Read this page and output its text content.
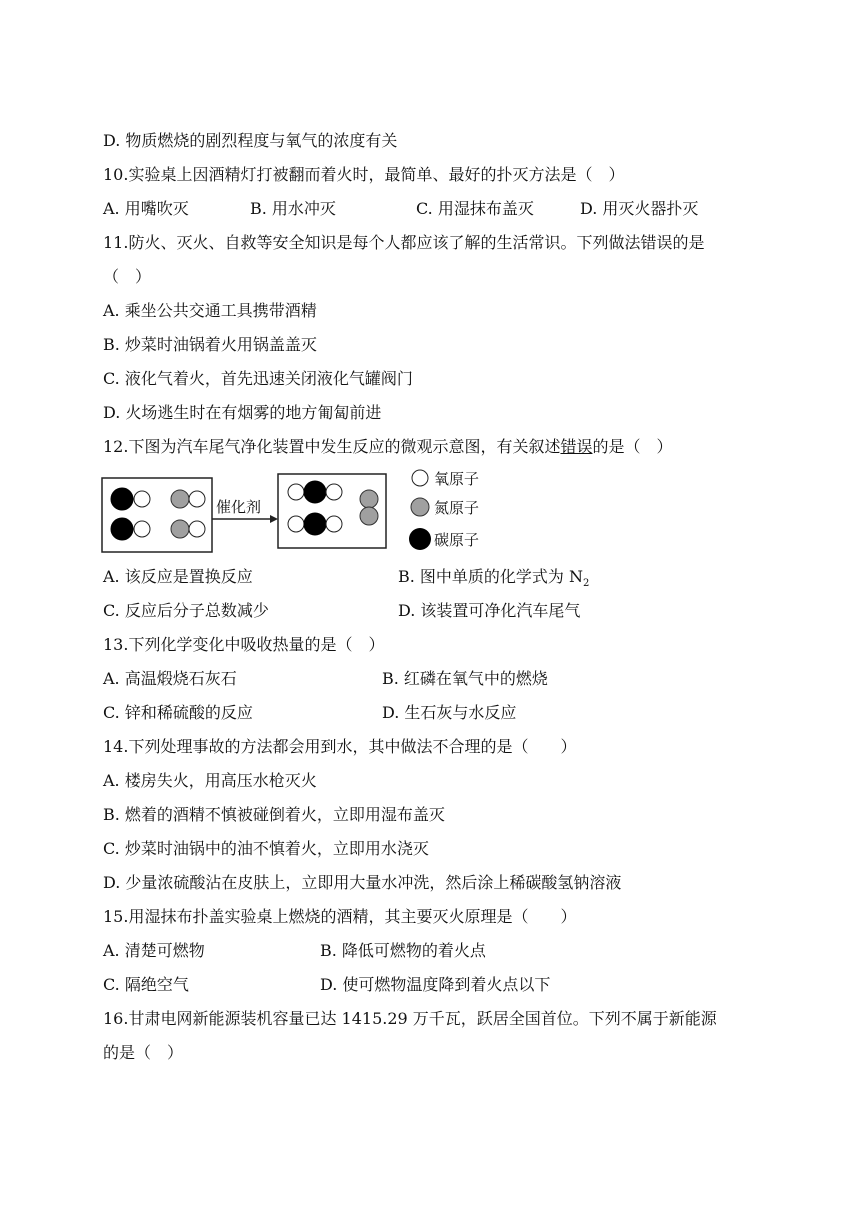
D. 物质燃烧的剧烈程度与氧气的浓度有关
10.实验桌上因酒精灯打被翻而着火时，最简单、最好的扑灭方法是（　）
A. 用嘴吹灭	B. 用水冲灭	C. 用湿抹布盖灭	D. 用灭火器扑灭
11.防火、灭火、自救等安全知识是每个人都应该了解的生活常识。下列做法错误的是
（　）
A. 乘坐公共交通工具携带酒精
B. 炒菜时油锅着火用锅盖盖灭
C. 液化气着火，首先迅速关闭液化气罐阀门
D. 火场逃生时在有烟雾的地方匍匐前进
12.下图为汽车尾气净化装置中发生反应的微观示意图，有关叙述错误的是（　）
催化剂
氧原子
氮原子
碳原子
A. 该反应是置换反应	B. 图中单质的化学式为 $N_2$
C. 反应后分子总数减少	D. 该装置可净化汽车尾气
13.下列化学变化中吸收热量的是（　）
A. 高温煅烧石灰石	B. 红磷在氧气中的燃烧
C. 锌和稀硫酸的反应	D. 生石灰与水反应
14.下列处理事故的方法都会用到水，其中做法不合理的是（　　）
A. 楼房失火，用高压水枪灭火
B. 燃着的酒精不慎被碰倒着火，立即用湿布盖灭
C. 炒菜时油锅中的油不慎着火，立即用水浇灭
D. 少量浓硫酸沾在皮肤上，立即用大量水冲洗，然后涂上稀碳酸氢钠溶液
15.用湿抹布扑盖实验桌上燃烧的酒精，其主要灭火原理是（　　）
A. 清楚可燃物	B. 降低可燃物的着火点
C. 隔绝空气	D. 使可燃物温度降到着火点以下
16.甘肃电网新能源装机容量已达 1415.29 万千瓦，跃居全国首位。下列不属于新能源
的是（　）
